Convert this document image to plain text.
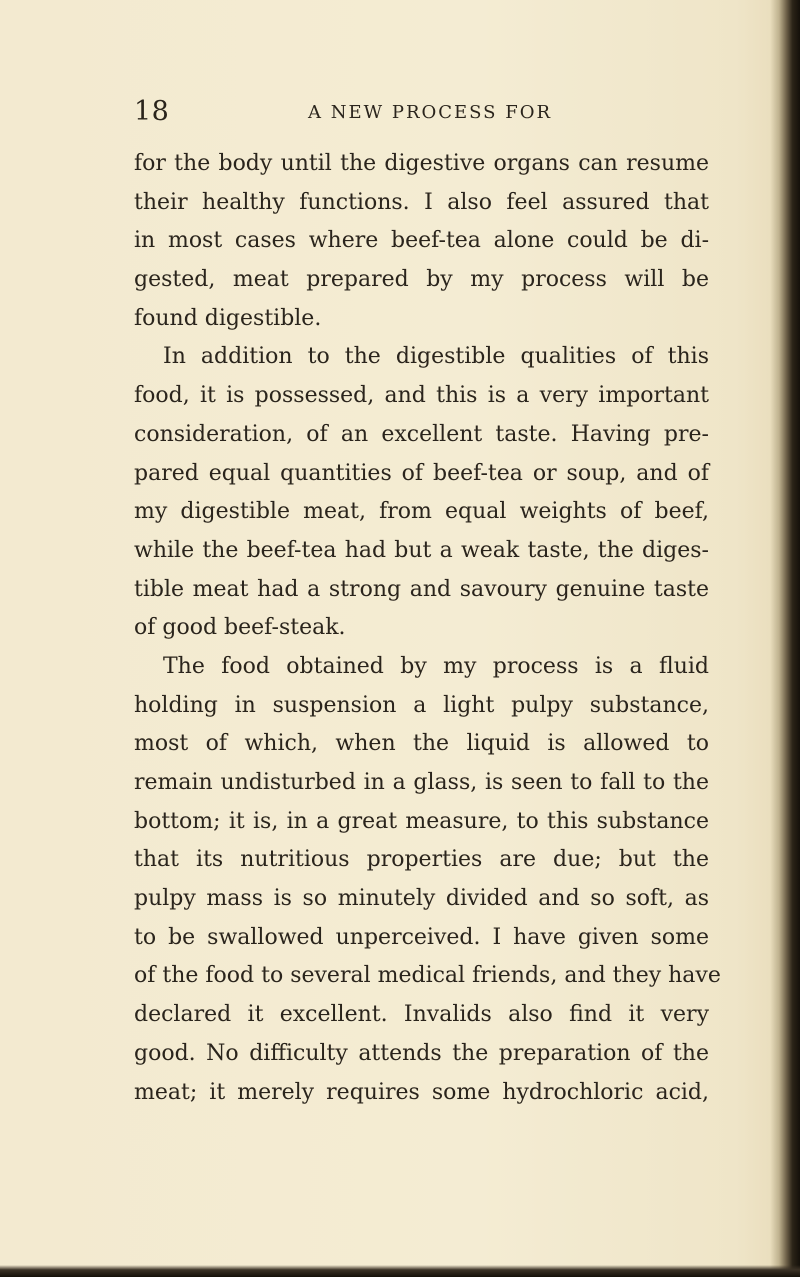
18	A NEW PROCESS FOR
for the body until the digestive organs can resume
their healthy functions. I also feel assured that
in most cases where beef-tea alone could be di-
gested, meat prepared by my process will be
found digestible.
In addition to the digestible qualities of this
food, it is possessed, and this is a very important
consideration, of an excellent taste. Having pre-
pared equal quantities of beef-tea or soup, and of
my digestible meat, from equal weights of beef,
while the beef-tea had but a weak taste, the diges-
tible meat had a strong and savoury genuine taste
of good beef-steak.
The food obtained by my process is a fluid
holding in suspension a light pulpy substance,
most of which, when the liquid is allowed to
remain undisturbed in a glass, is seen to fall to the
bottom; it is, in a great measure, to this substance
that its nutritious properties are due; but the
pulpy mass is so minutely divided and so soft, as
to be swallowed unperceived. I have given some
of the food to several medical friends, and they have
declared it excellent. Invalids also find it very
good. No difficulty attends the preparation of the
meat; it merely requires some hydrochloric acid,
